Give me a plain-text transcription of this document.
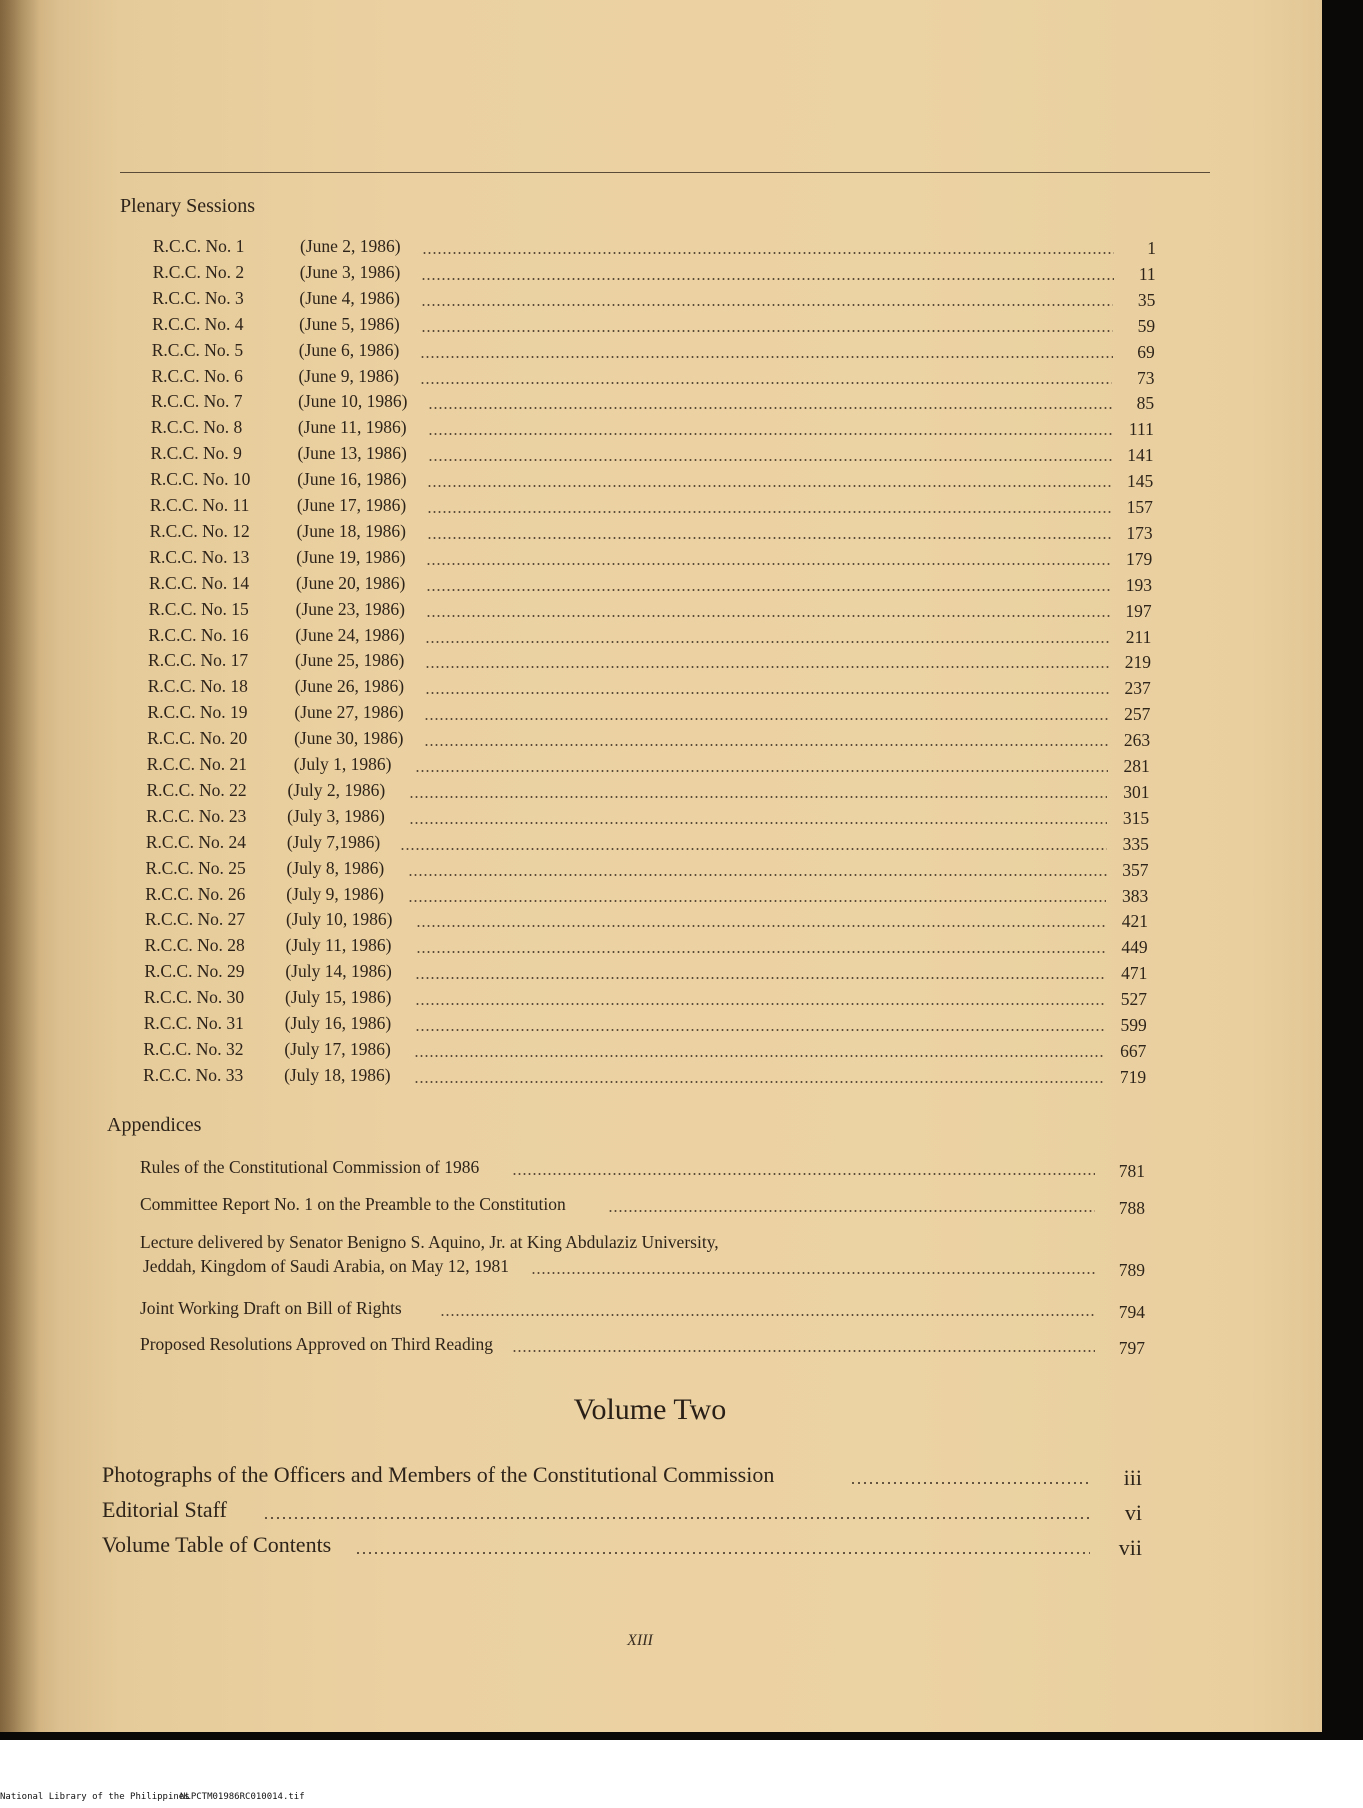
Plenary Sessions
R.C.C. No. 1	(June 2, 1986)	1
R.C.C. No. 2	(June 3, 1986)	11
R.C.C. No. 3	(June 4, 1986)	35
R.C.C. No. 4	(June 5, 1986)	59
R.C.C. No. 5	(June 6, 1986)	69
R.C.C. No. 6	(June 9, 1986)	73
R.C.C. No. 7	(June 10, 1986)	85
R.C.C. No. 8	(June 11, 1986)	111
R.C.C. No. 9	(June 13, 1986)	141
R.C.C. No. 10	(June 16, 1986)	145
R.C.C. No. 11	(June 17, 1986)	157
R.C.C. No. 12	(June 18, 1986)	173
R.C.C. No. 13	(June 19, 1986)	179
R.C.C. No. 14	(June 20, 1986)	193
R.C.C. No. 15	(June 23, 1986)	197
R.C.C. No. 16	(June 24, 1986)	211
R.C.C. No. 17	(June 25, 1986)	219
R.C.C. No. 18	(June 26, 1986)	237
R.C.C. No. 19	(June 27, 1986)	257
R.C.C. No. 20	(June 30, 1986)	263
R.C.C. No. 21	(July 1, 1986)	281
R.C.C. No. 22 (July 2, 1986)	301
R.C.C. No. 23 (July 3, 1986)	315
R.C.C. No. 24 (July 7,1986)	335
R.C.C. No. 25 (July 8, 1986)	357
R.C.C. No. 26 (July 9, 1986)	383
R.C.C. No. 27 (July 10, 1986)	421
R.C.C. No. 28 (July 11, 1986)	449
R.C.C. No. 29 (July 14, 1986)	471
R.C.C. No. 30 (July 15, 1986)	527
R.C.C. No. 31 (July 16, 1986)	599
R.C.C. No. 32 (July 17, 1986)	667
R.C.C. No. 33 (July 18, 1986)	719
Appendices
Rules of the Constitutional Commission of 1986	781
Committee Report No. 1 on the Preamble to the Constitution	788
Lecture delivered by Senator Benigno S. Aquino, Jr. at King Abdulaziz University,
Jeddah, Kingdom of Saudi Arabia, on May 12, 1981	789
Joint Working Draft on Bill of Rights	794
Proposed Resolutions Approved on Third Reading	797
Volume Two
Photographs of the Officers and Members of the Constitutional Commission	iii
Editorial Staff	vi
Volume Table of Contents	vii
XIII
National Library of the Philippines
NLPCTM01986RC010014.tif
